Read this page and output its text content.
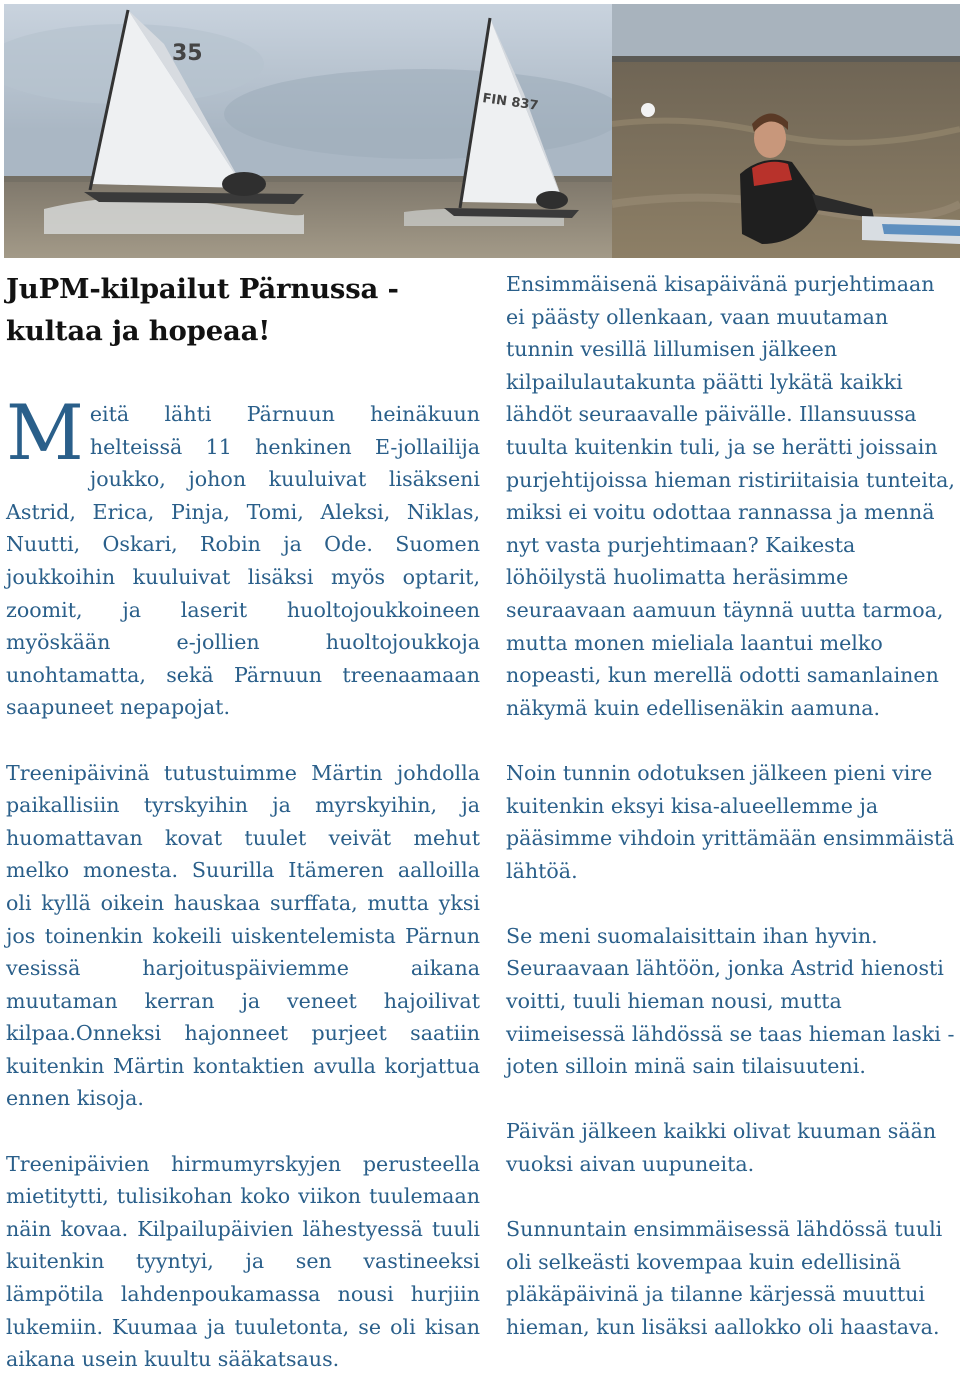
35
FIN 837
JuPM-kilpailut Pärnussa - kultaa ja hopeaa!
M eitä lähti Pärnuun heinäkuun helteissä 11 henkinen E-jollailija joukko, johon kuuluivat lisäkseni Astrid, Erica, Pinja, Tomi, Aleksi, Niklas, Nuutti, Oskari, Robin ja Ode. Suomen joukkoihin kuuluivat lisäksi myös optarit, zoomit, ja laserit huoltojoukkoineen myöskään e-jollien huoltojoukkoja unohtamatta, sekä Pärnuun treenaamaan saapuneet nepapojat.

Treenipäivinä tutustuimme Märtin johdolla paikallisiin tyrskyihin ja myrskyihin, ja huomattavan kovat tuulet veivät mehut melko monesta. Suurilla Itämeren aalloilla oli kyllä oikein hauskaa surffata, mutta yksi jos toinenkin kokeili uiskentelemista Pärnun vesissä harjoituspäiviemme aikana muutaman kerran ja veneet hajoilivat kilpaa.Onneksi hajonneet purjeet saatiin kuitenkin Märtin kontaktien avulla korjattua ennen kisoja.

Treenipäivien hirmumyrskyjen perusteella mietitytti, tulisikohan koko viikon tuulemaan näin kovaa. Kilpailupäivien lähestyessä tuuli kuitenkin tyyntyi, ja sen vastineeksi lämpötila lahdenpoukamassa nousi hurjiin lukemiin. Kuumaa ja tuuletonta, se oli kisan aikana usein kuultu sääkatsaus.

Ensimmäisenä kisapäivänä purjehtimaan ei päästy ollenkaan, vaan muutaman tunnin vesillä lillumisen jälkeen kilpailulautakunta päätti lykätä kaikki lähdöt seuraavalle päivälle. Illansuussa tuulta kuitenkin tuli, ja se herätti joissain purjehtijoissa hieman ristiriitaisia tunteita, miksi ei voitu odottaa rannassa ja mennä nyt vasta purjehtimaan? Kaikesta löhöilystä huolimatta heräsimme seuraavaan aamuun täynnä uutta tarmoa, mutta monen mieliala laantui melko nopeasti, kun merellä odotti samanlainen näkymä kuin edellisenäkin aamuna.

Noin tunnin odotuksen jälkeen pieni vire kuitenkin eksyi kisa-alueellemme ja pääsimme vihdoin yrittämään ensimmäistä lähtöä.

Se meni suomalaisittain ihan hyvin. Seuraavaan lähtöön, jonka Astrid hienosti voitti, tuuli hieman nousi, mutta viimeisessä lähdössä se taas hieman laski - joten silloin minä sain tilaisuuteni.

Päivän jälkeen kaikki olivat kuuman sään vuoksi aivan uupuneita.

Sunnuntain ensimmäisessä lähdössä tuuli oli selkeästi kovempaa kuin edellisinä pläkäpäivinä ja tilanne kärjessä muuttui hieman, kun lisäksi aallokko oli haastava.
